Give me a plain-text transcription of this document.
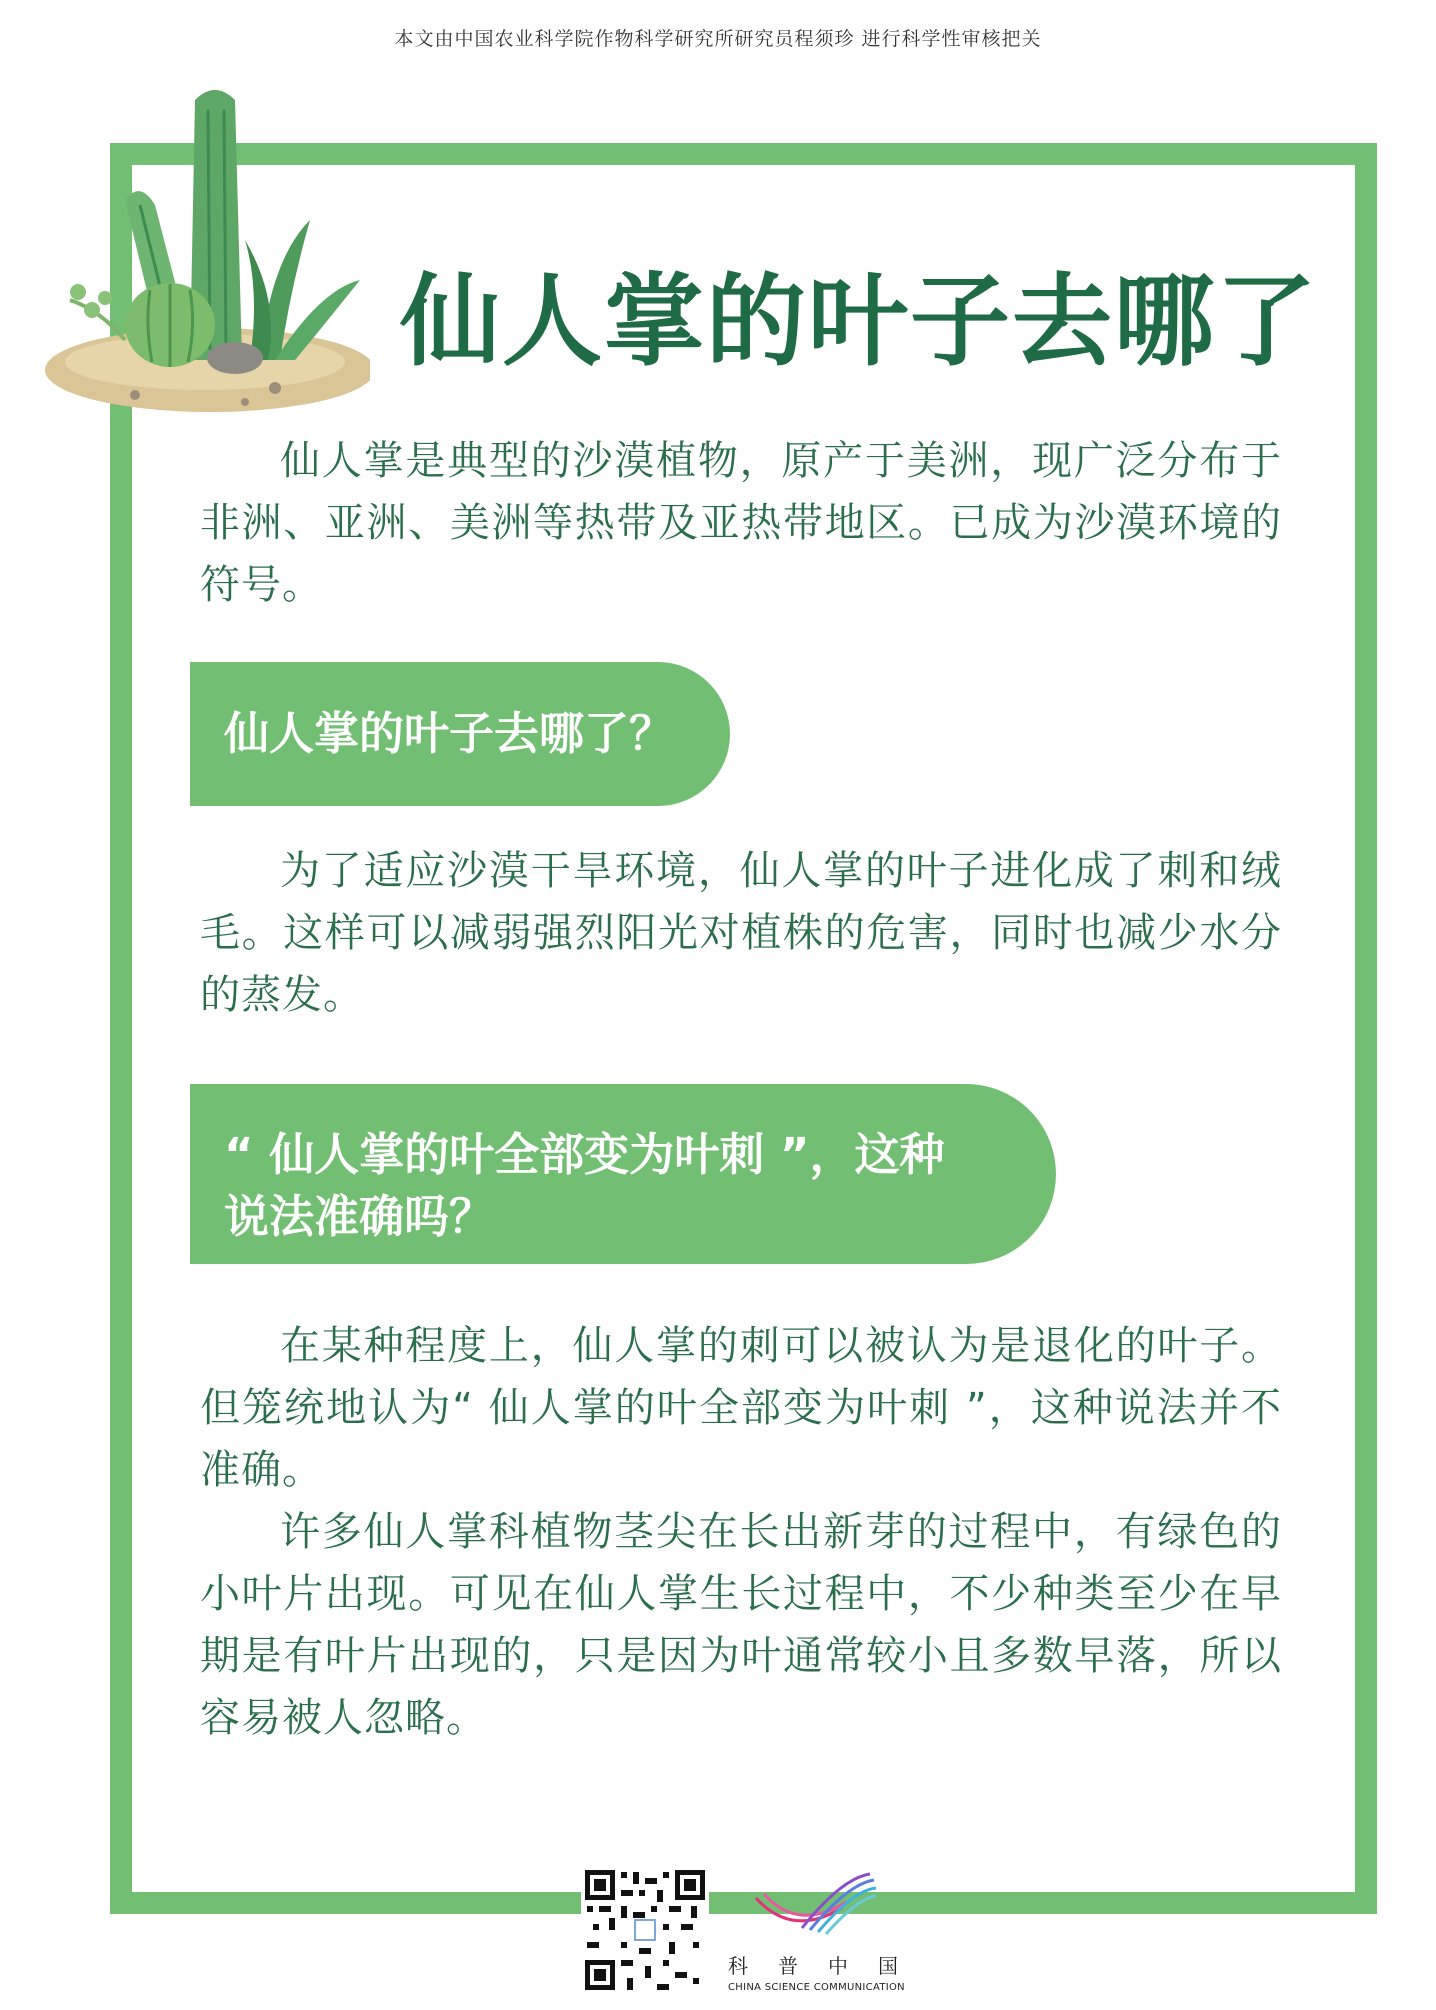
本文由中国农业科学院作物科学研究所研究员程须珍 进行科学性审核把关
仙人掌的叶子去哪了

仙人掌是典型的沙漠植物，原产于美洲，现广泛分布于非洲、亚洲、美洲等热带及亚热带地区。已成为沙漠环境的符号。

仙人掌的叶子去哪了？

为了适应沙漠干旱环境，仙人掌的叶子进化成了刺和绒毛。这样可以减弱强烈阳光对植株的危害，同时也减少水分的蒸发。

“ 仙人掌的叶全部变为叶刺 ”，这种
说法准确吗？

在某种程度上，仙人掌的刺可以被认为是退化的叶子。但笼统地认为“ 仙人掌的叶全部变为叶刺 ”，这种说法并不准确。

许多仙人掌科植物茎尖在长出新芽的过程中，有绿色的小叶片出现。可见在仙人掌生长过程中，不少种类至少在早期是有叶片出现的，只是因为叶通常较小且多数早落，所以容易被人忽略。

科普中国
CHINA SCIENCE COMMUNICATION
